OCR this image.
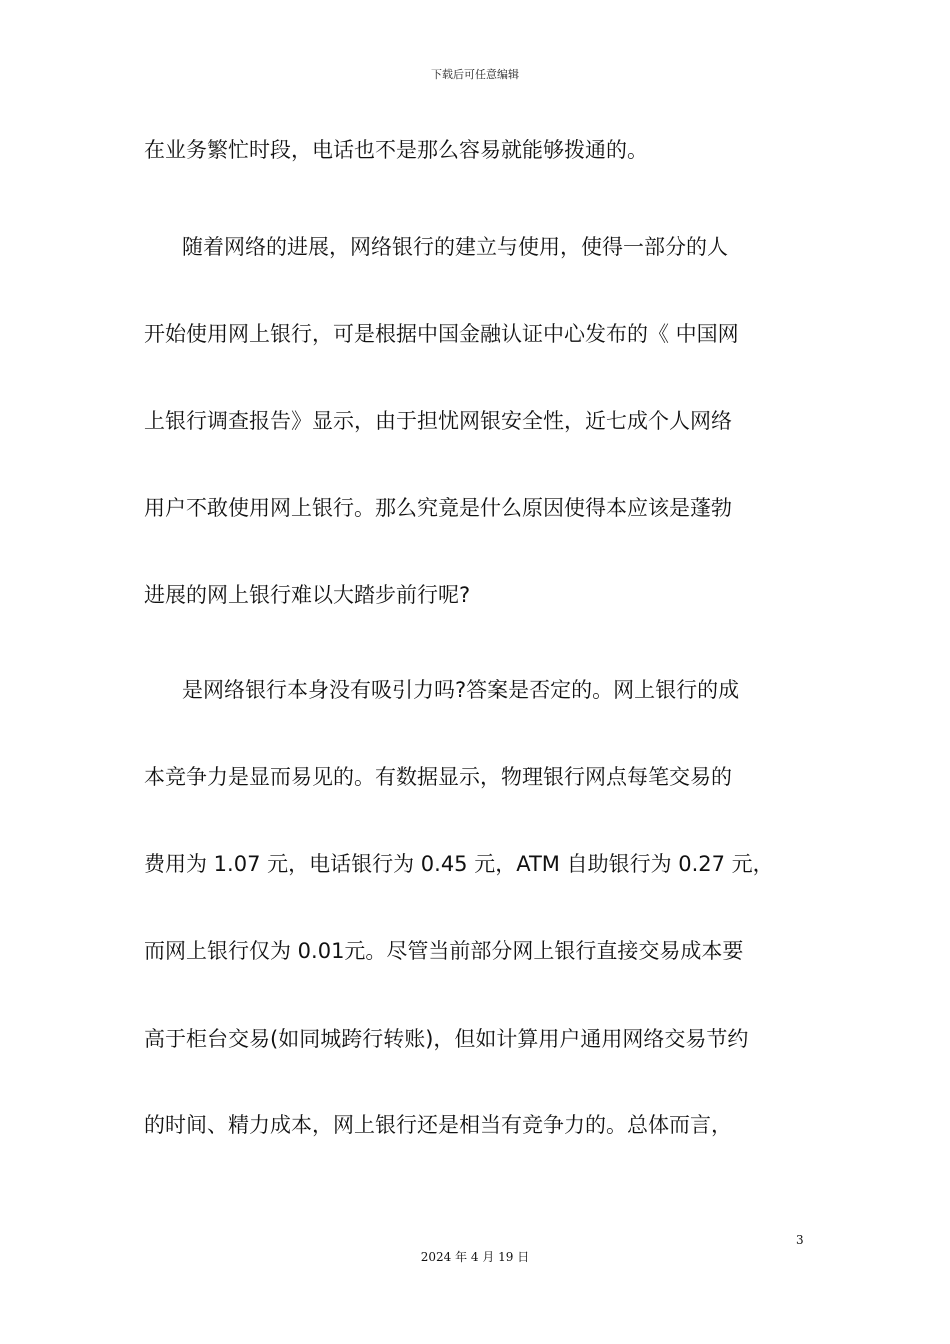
下载后可任意编辑
在业务繁忙时段，电话也不是那么容易就能够拨通的。
随着网络的进展，网络银行的建立与使用，使得一部分的人
开始使用网上银行，可是根据中国金融认证中心发布的《 中国网
上银行调查报告》显示，由于担忧网银安全性，近七成个人网络
用户不敢使用网上银行。那么究竟是什么原因使得本应该是蓬勃
进展的网上银行难以大踏步前行呢?
是网络银行本身没有吸引力吗?答案是否定的。网上银行的成
本竞争力是显而易见的。有数据显示，物理银行网点每笔交易的
费用为 1.07 元，电话银行为 0.45 元，ATM 自助银行为 0.27 元，
而网上银行仅为 0.01元。尽管当前部分网上银行直接交易成本要
高于柜台交易(如同城跨行转账)，但如计算用户通用网络交易节约
的时间、精力成本，网上银行还是相当有竞争力的。总体而言，
3
2024 年 4 月 19 日
